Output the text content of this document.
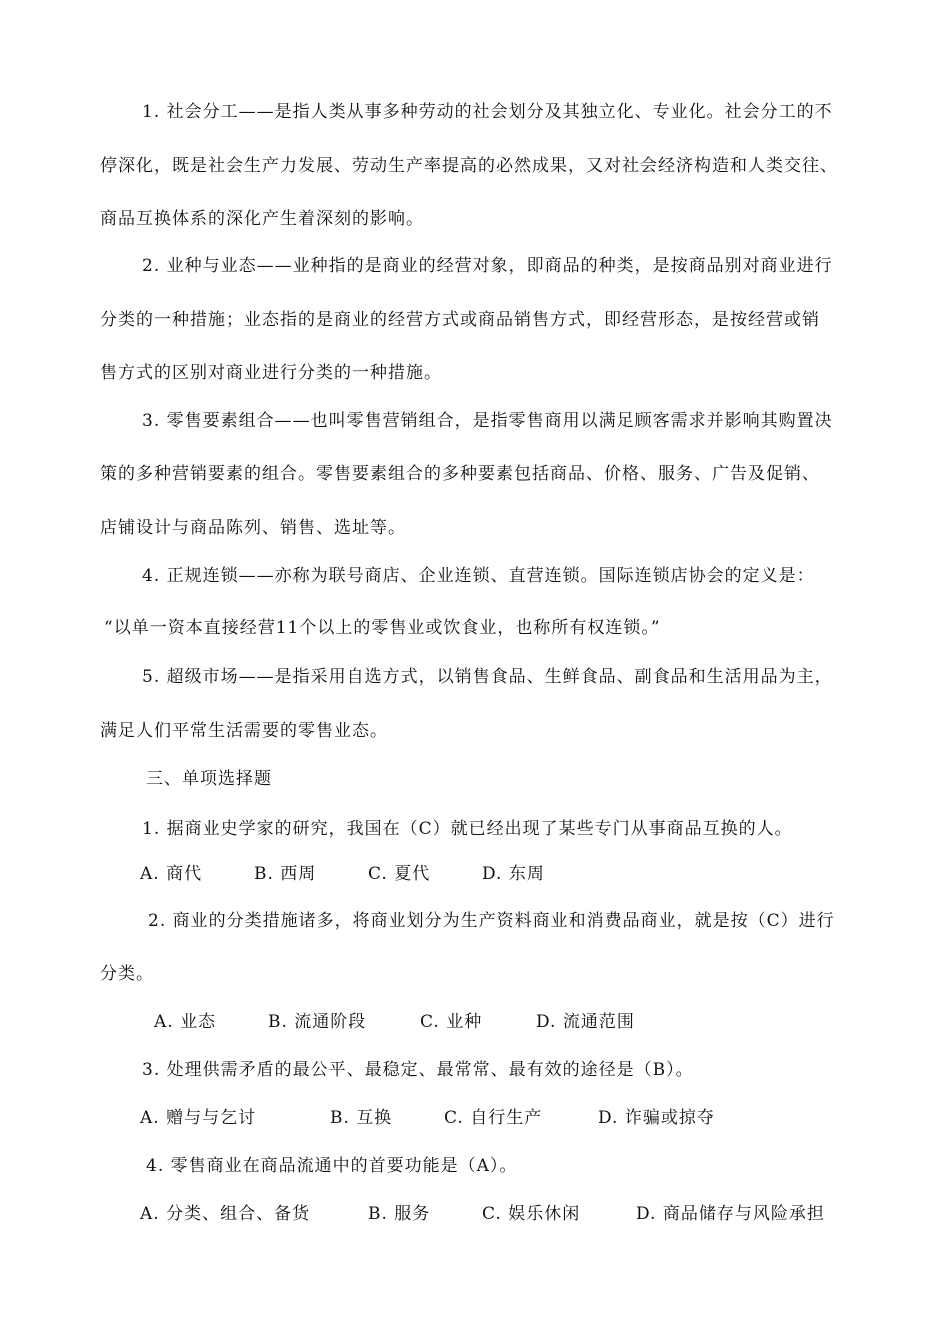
1. 社会分工——是指人类从事多种劳动的社会划分及其独立化、专业化。社会分工的不
停深化，既是社会生产力发展、劳动生产率提高的必然成果，又对社会经济构造和人类交往、
商品互换体系的深化产生着深刻的影响。
2. 业种与业态——业种指的是商业的经营对象，即商品的种类，是按商品别对商业进行
分类的一种措施；业态指的是商业的经营方式或商品销售方式，即经营形态，是按经营或销
售方式的区别对商业进行分类的一种措施。
3. 零售要素组合——也叫零售营销组合，是指零售商用以满足顾客需求并影响其购置决
策的多种营销要素的组合。零售要素组合的多种要素包括商品、价格、服务、广告及促销、
店铺设计与商品陈列、销售、选址等。
4. 正规连锁——亦称为联号商店、企业连锁、直营连锁。国际连锁店协会的定义是：
“以单一资本直接经营11个以上的零售业或饮食业，也称所有权连锁。”
5. 超级市场——是指采用自选方式，以销售食品、生鲜食品、副食品和生活用品为主，
满足人们平常生活需要的零售业态。
三、单项选择题
1. 据商业史学家的研究，我国在（C）就已经出现了某些专门从事商品互换的人。
A. 商代	B. 西周	C. 夏代	D. 东周
2. 商业的分类措施诸多，将商业划分为生产资料商业和消费品商业，就是按（C）进行
分类。
A. 业态	B. 流通阶段	C. 业种	D. 流通范围
3. 处理供需矛盾的最公平、最稳定、最常常、最有效的途径是（B）。
A. 赠与与乞讨	B. 互换	C. 自行生产	D. 诈骗或掠夺
4. 零售商业在商品流通中的首要功能是（A）。
A. 分类、组合、备货	B. 服务	C. 娱乐休闲	D. 商品储存与风险承担
